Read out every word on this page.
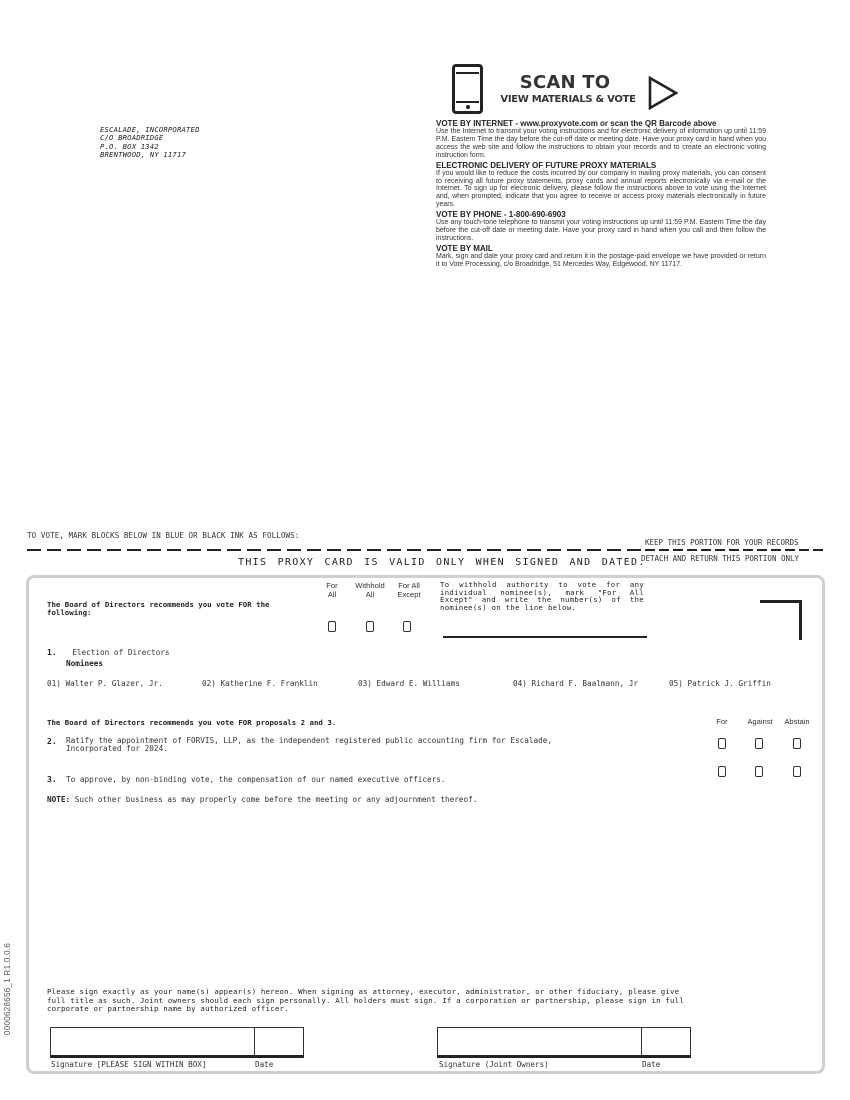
ESCALADE, INCORPORATED
C/O BROADRIDGE
P.O. BOX 1342
BRENTWOOD, NY 11717
SCAN TO
VIEW MATERIALS & VOTE
VOTE BY INTERNET - www.proxyvote.com or scan the QR Barcode above

Use the Internet to transmit your voting instructions and for electronic delivery of information up until 11:59 P.M. Eastern Time the day before the cut-off date or meeting date. Have your proxy card in hand when you access the web site and follow the instructions to obtain your records and to create an electronic voting instruction form.

ELECTRONIC DELIVERY OF FUTURE PROXY MATERIALS

If you would like to reduce the costs incurred by our company in mailing proxy materials, you can consent to receiving all future proxy statements, proxy cards and annual reports electronically via e-mail or the Internet. To sign up for electronic delivery, please follow the instructions above to vote using the Internet and, when prompted, indicate that you agree to receive or access proxy materials electronically in future years.

VOTE BY PHONE - 1-800-690-6903

Use any touch-tone telephone to transmit your voting instructions up until 11:59 P.M. Eastern Time the day before the cut-off date or meeting date. Have your proxy card in hand when you call and then follow the instructions.

VOTE BY MAIL

Mark, sign and date your proxy card and return it in the postage-paid envelope we have provided or return it to Vote Processing, c/o Broadridge, 51 Mercedes Way, Edgewood, NY 11717.

TO VOTE, MARK BLOCKS BELOW IN BLUE OR BLACK INK AS FOLLOWS:
KEEP THIS PORTION FOR YOUR RECORDS
DETACH AND RETURN THIS PORTION ONLY
THIS PROXY CARD IS VALID ONLY WHEN SIGNED AND DATED.
The Board of Directors recommends you vote FOR the following:
For
All
Withhold
All
For All
Except
To withhold authority to vote for any individual nominee(s), mark "For All Except" and write the number(s) of the nominee(s) on the line below.
1. Election of Directors
Nominees
01) Walter P. Glazer, Jr.	02) Katherine F. Franklin	03) Edward E. Williams	04) Richard F. Baalmann, Jr	05) Patrick J. Griffin
The Board of Directors recommends you vote FOR proposals 2 and 3.	For	Against	Abstain
2.	Ratify the appointment of FORVIS, LLP, as the independent registered public accounting firm for Escalade,
Incorporated for 2024.
3. To approve, by non-binding vote, the compensation of our named executive officers.
NOTE: Such other business as may properly come before the meeting or any adjournment thereof.
0000628656_1 R1.0.0.6	Please sign exactly as your name(s) appear(s) hereon. When signing as attorney, executor, administrator, or other fiduciary, please give full title as such. Joint owners should each sign personally. All holders must sign. If a corporation or partnership, please sign in full corporate or partnership name by authorized officer.
Signature [PLEASE SIGN WITHIN BOX]	Date	Signature (Joint Owners)	Date
